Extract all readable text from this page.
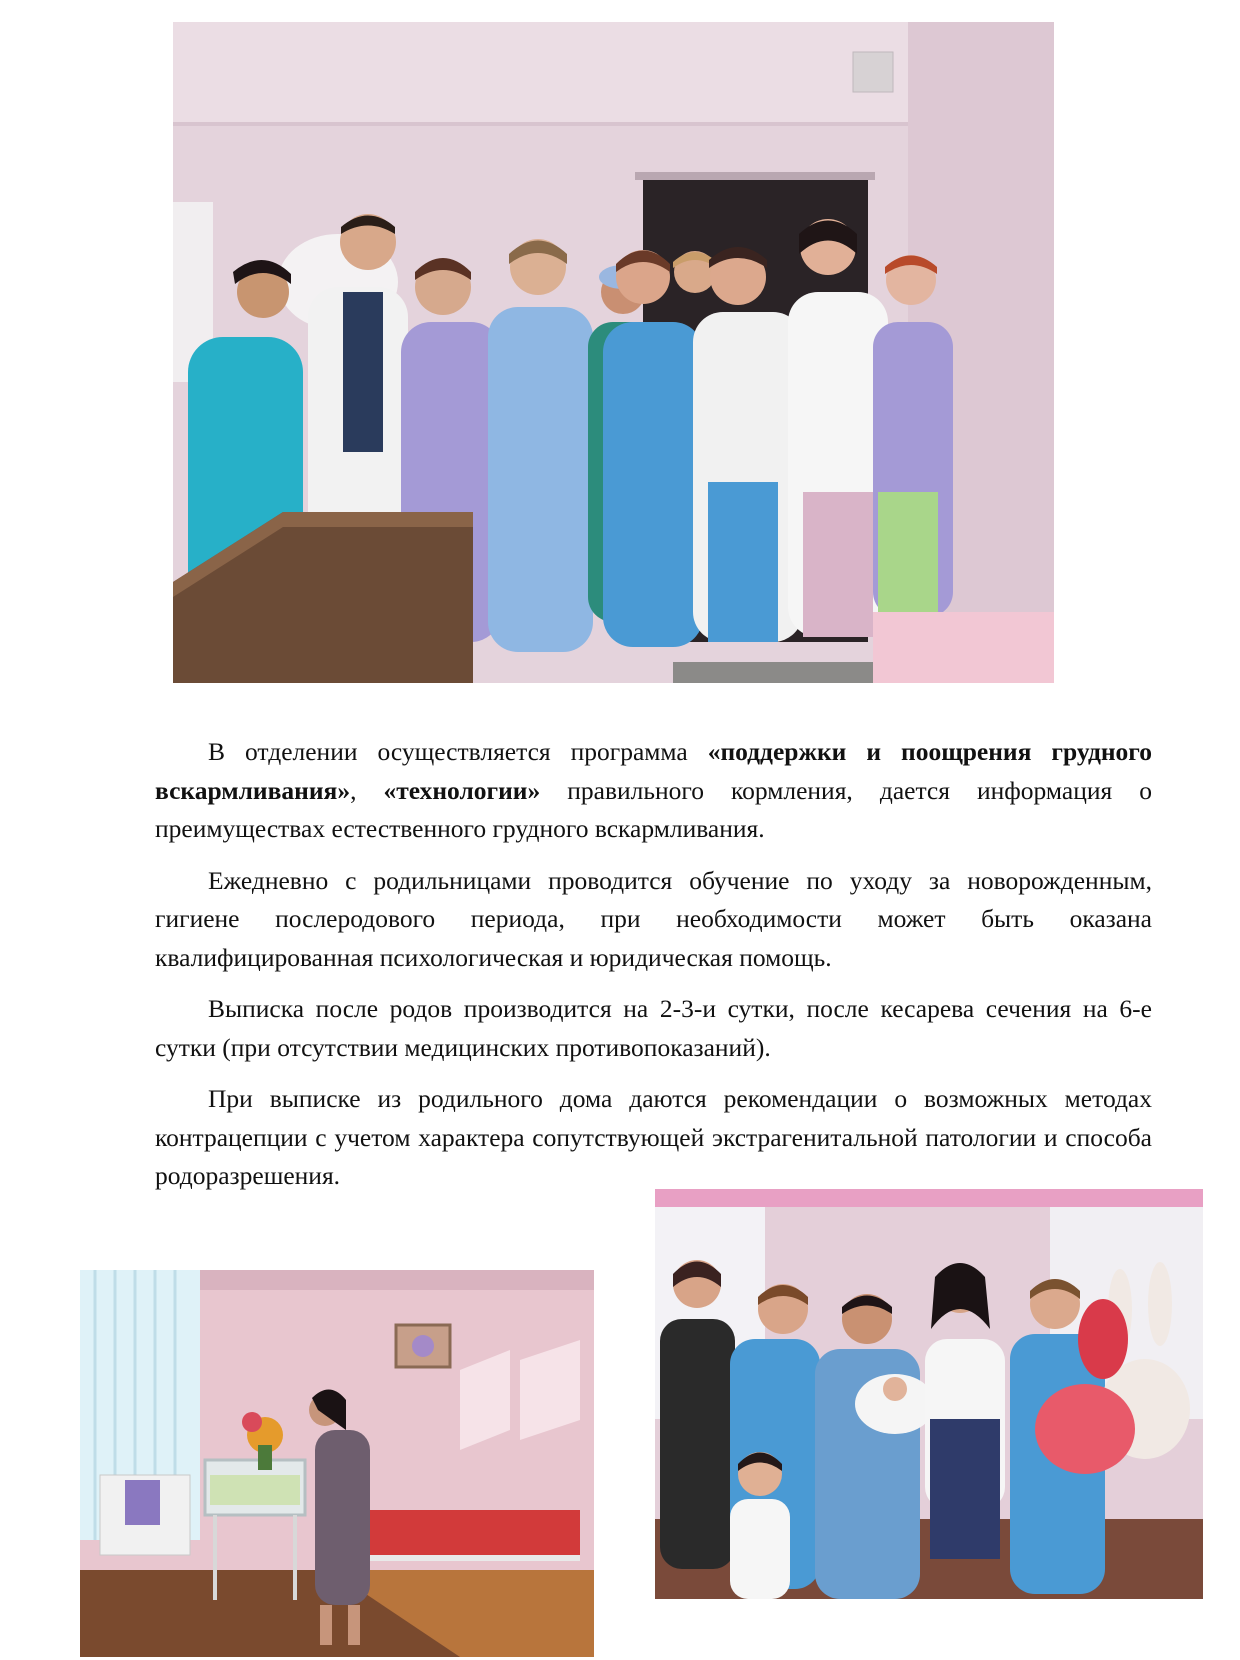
В отделении осуществляется программа «поддержки и поощрения грудного вскармливания», «технологии» правильного кормления, дается информация о преимуществах естественного грудного вскармливания.

Ежедневно с родильницами проводится обучение по уходу за новорожденным, гигиене послеродового периода, при необходимости может быть оказана квалифицированная психологическая и юридическая помощь.

Выписка после родов производится на 2-3-и сутки, после кесарева сечения на 6-е сутки (при отсутствии медицинских противопоказаний).

При выписке из родильного дома даются рекомендации о возможных методах контрацепции с учетом характера сопутствующей экстрагенитальной патологии и способа родоразрешения.
